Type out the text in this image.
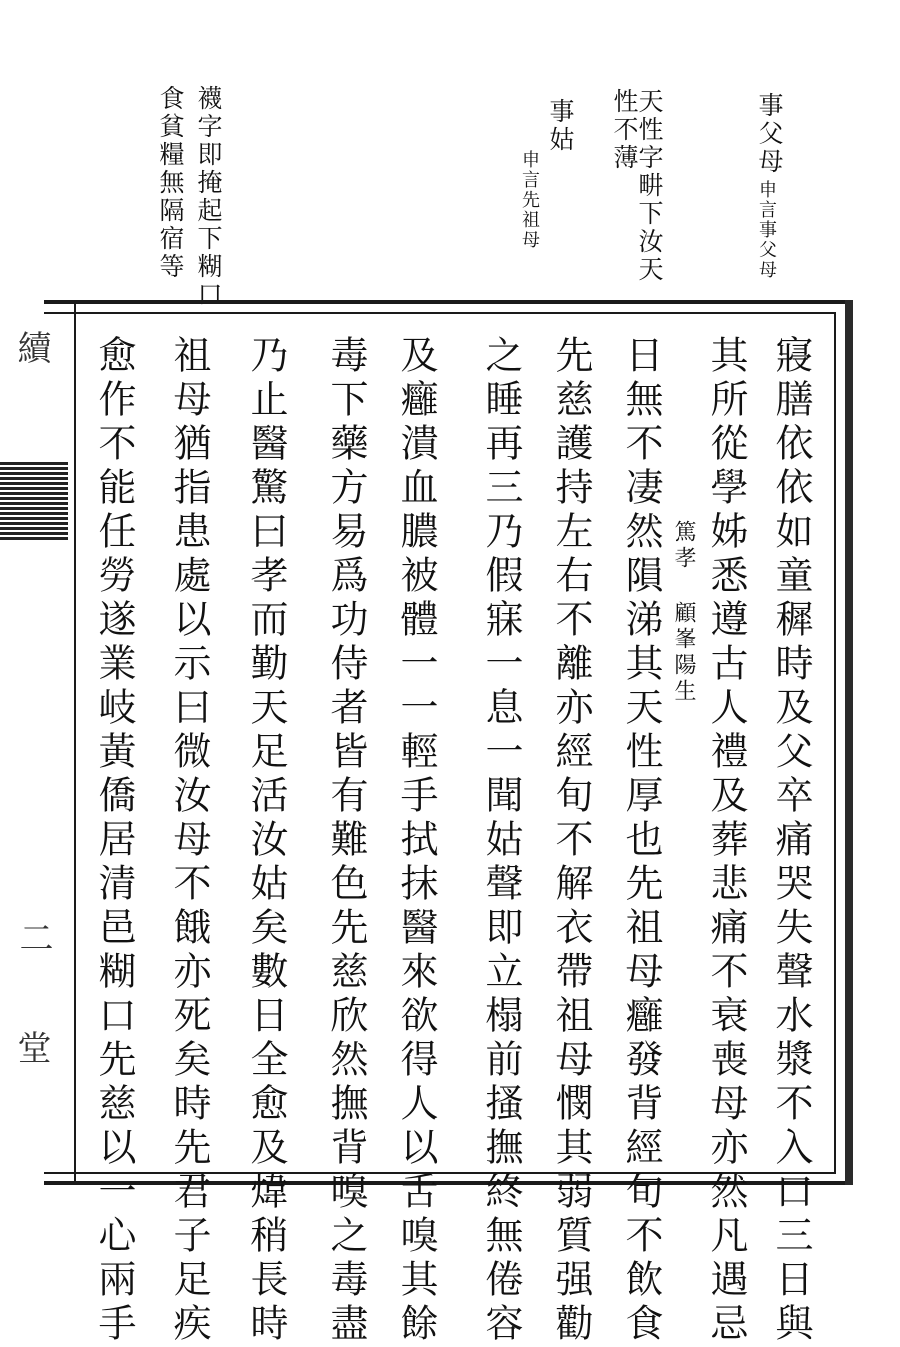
事父母
申言事父母
天性字畊下汝天性不薄
事姑
申言先祖母
襪字即掩起下糊口
食貧糧無隔宿等
續
二
堂	寢膳依依如童穉時及父卒痛哭失聲水漿不入口三日與
其所從學姊悉遵古人禮及葬悲痛不衰喪母亦然凡遇忌
篤孝 顧峯陽生
日無不凄然隕涕其天性厚也先祖母癰發背經旬不飲食
先慈護持左右不離亦經旬不解衣帶祖母憫其弱質强勸
之睡再三乃假寐一息一聞姑聲即立榻前搔撫終無倦容
及癰潰血膿被體一一輕手拭抹醫來欲得人以舌嗅其餘
毒下藥方易爲功侍者皆有難色先慈欣然撫背嗅之毒盡
乃止醫驚曰孝而勤天足活汝姑矣數日全愈及煒稍長時
祖母猶指患處以示曰微汝母不餓亦死矣時先君子足疾
愈作不能任勞遂業岐黃僑居清邑糊口先慈以一心兩手
